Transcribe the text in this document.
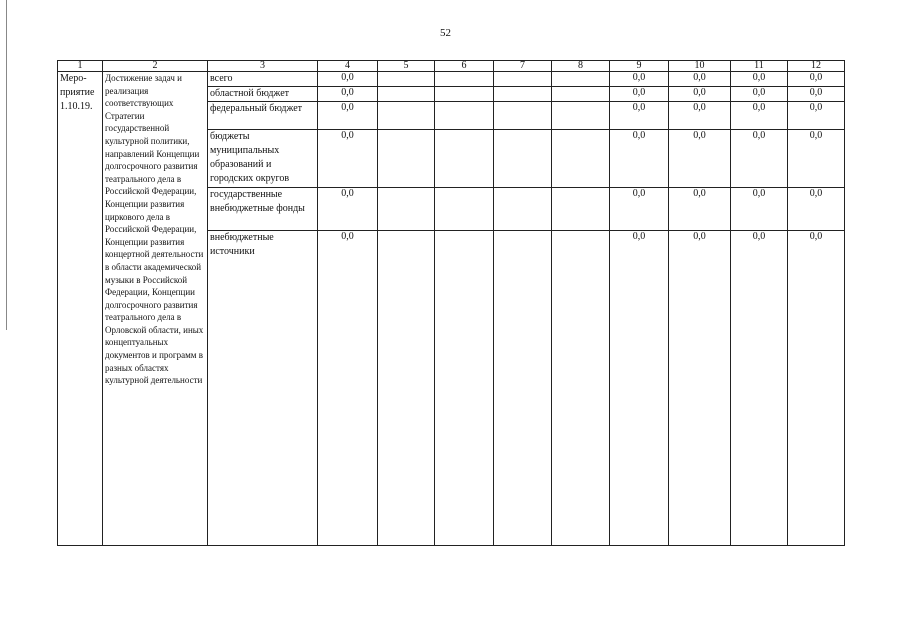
52
1	2	3	4	5	6	7	8	9	10	11	12
Меро-приятие 1.10.19.	Достижение задач и реализация соответствующих Стратегии государственной культурной политики, направлений Концепции долгосрочного развития театрального дела в Российской Федерации, Концепции развития циркового дела в Российской Федерации, Концепции развития концертной деятельности в области академической музыки в Российской Федерации, Концепции долгосрочного развития театрального дела в Орловской области, иных концептуальных документов и программ в разных областях культурной деятельности	всего	0,0					0,0	0,0	0,0	0,0
		областной бюджет	0,0					0,0	0,0	0,0	0,0
		федеральный бюджет	0,0					0,0	0,0	0,0	0,0
		бюджеты муниципальных образований и городских округов	0,0					0,0	0,0	0,0	0,0
		государственные внебюджетные фонды	0,0					0,0	0,0	0,0	0,0
		внебюджетные источники	0,0					0,0	0,0	0,0	0,0
